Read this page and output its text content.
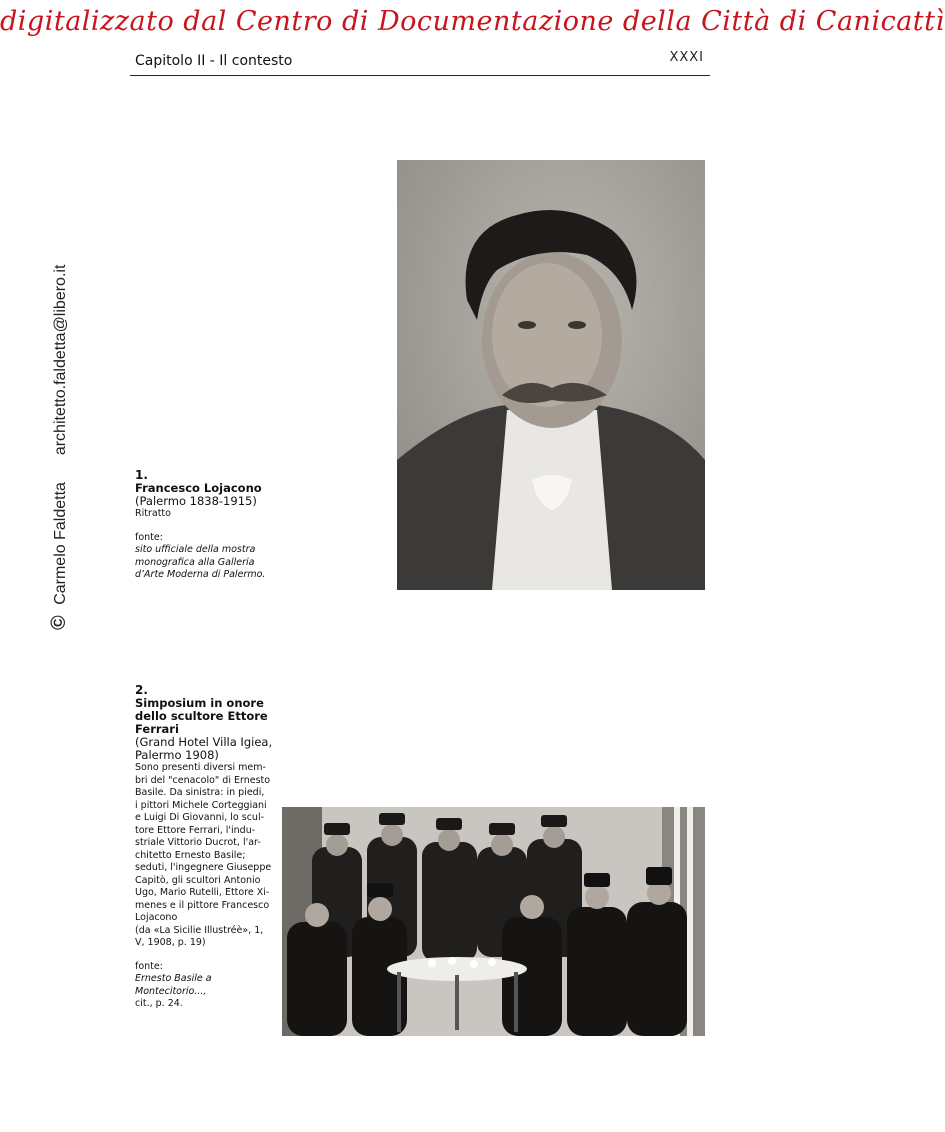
digitalizzato dal Centro di Documentazione della Città di Canicattì
Capitolo II - Il contesto	XXXI
© Carmelo Faldetta  architetto.faldetta@libero.it
1.
Francesco Lojacono
(Palermo 1838-1915)
Ritratto
fonte:
sito ufficiale della mostra
monografica alla Galleria
d’Arte Moderna di Palermo.
2.
Simposium in onore
dello scultore Ettore
Ferrari
(Grand Hotel Villa Igiea,
Palermo 1908)
Sono presenti diversi mem-
bri del "cenacolo" di Ernesto
Basile. Da sinistra: in piedi,
i pittori Michele Corteggiani
e Luigi Di Giovanni, lo scul-
tore Ettore Ferrari, l'indu-
striale Vittorio Ducrot, l'ar-
chitetto Ernesto Basile;
seduti, l'ingegnere Giuseppe
Capitò, gli scultori Antonio
Ugo, Mario Rutelli, Ettore Xi-
menes e il pittore Francesco
Lojacono
(da «La Sicilie Illustréè», 1,
V, 1908, p. 19)
fonte:
Ernesto Basile a
Montecitorio...,
cit., p. 24.
